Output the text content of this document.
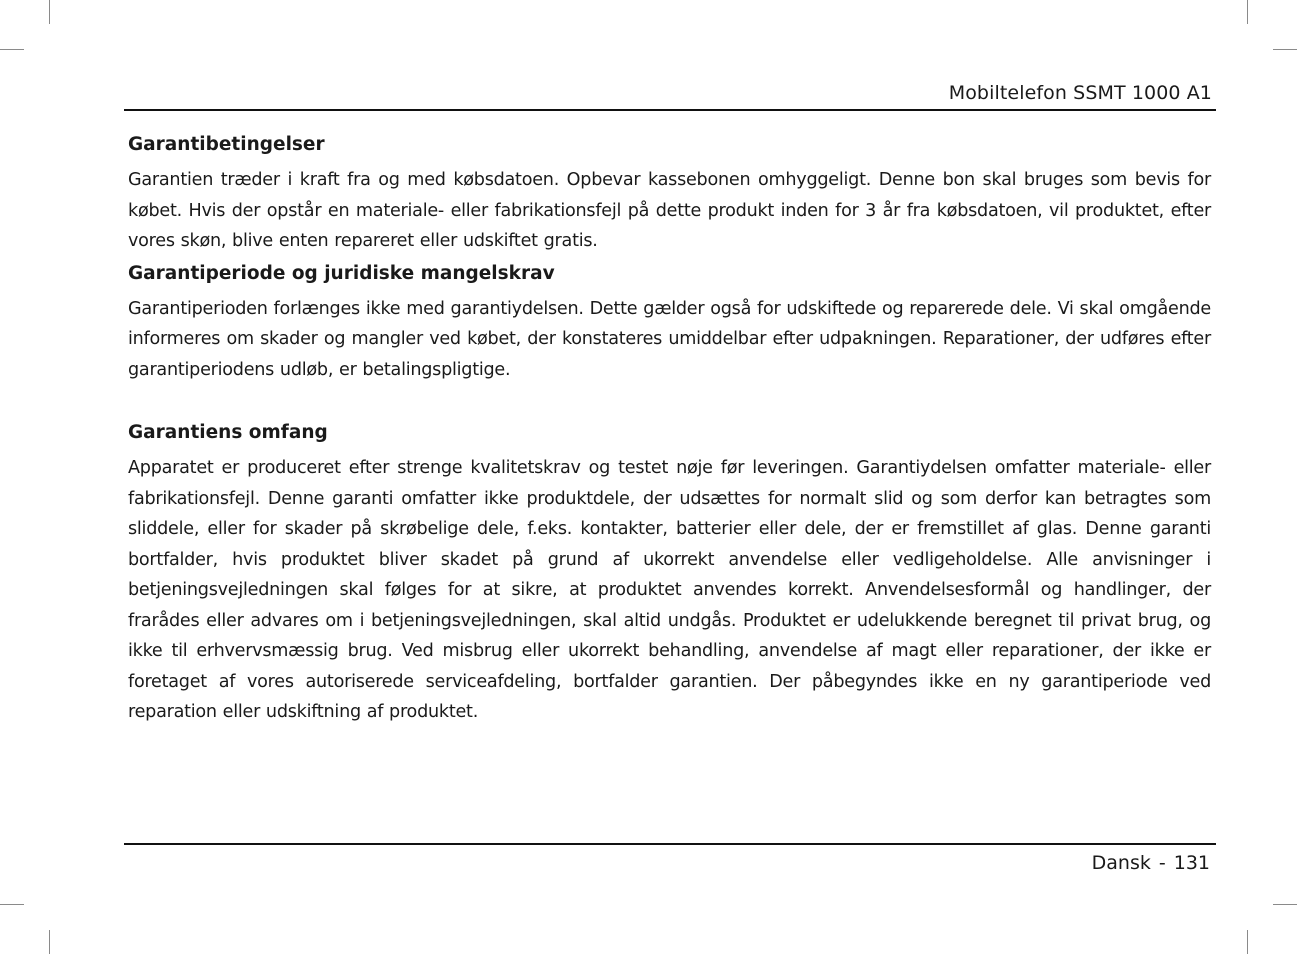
Mobiltelefon SSMT 1000 A1
Garantibetingelser

Garantien træder i kraft fra og med købsdatoen. Opbevar kassebonen omhyggeligt. Denne bon skal bruges som bevis for købet. Hvis der opstår en materiale- eller fabrikationsfejl på dette produkt inden for 3 år fra købsdatoen, vil produktet, efter vores skøn, blive enten repareret eller udskiftet gratis.

Garantiperiode og juridiske mangelskrav

Garantiperioden forlænges ikke med garantiydelsen. Dette gælder også for udskiftede og reparerede dele. Vi skal omgående informeres om skader og mangler ved købet, der konstateres umiddelbar efter udpakningen. Reparationer, der udføres efter garantiperiodens udløb, er betalingspligtige.

Garantiens omfang

Apparatet er produceret efter strenge kvalitetskrav og testet nøje før leveringen. Garantiydelsen omfatter materiale- eller fabrikationsfejl. Denne garanti omfatter ikke produktdele, der udsættes for normalt slid og som derfor kan betragtes som sliddele, eller for skader på skrøbelige dele, f.eks. kontakter, batterier eller dele, der er fremstillet af glas. Denne garanti bortfalder, hvis produktet bliver skadet på grund af ukorrekt anvendelse eller vedligeholdelse. Alle anvisninger i betjeningsvejledningen skal følges for at sikre, at produktet anvendes korrekt. Anvendelsesformål og handlinger, der frarådes eller advares om i betjeningsvejledningen, skal altid undgås. Produktet er udelukkende beregnet til privat brug, og ikke til erhvervsmæssig brug. Ved misbrug eller ukorrekt behandling, anvendelse af magt eller reparationer, der ikke er foretaget af vores autoriserede serviceafdeling, bortfalder garantien. Der påbegyndes ikke en ny garantiperiode ved reparation eller udskiftning af produktet.

Dansk - 131
